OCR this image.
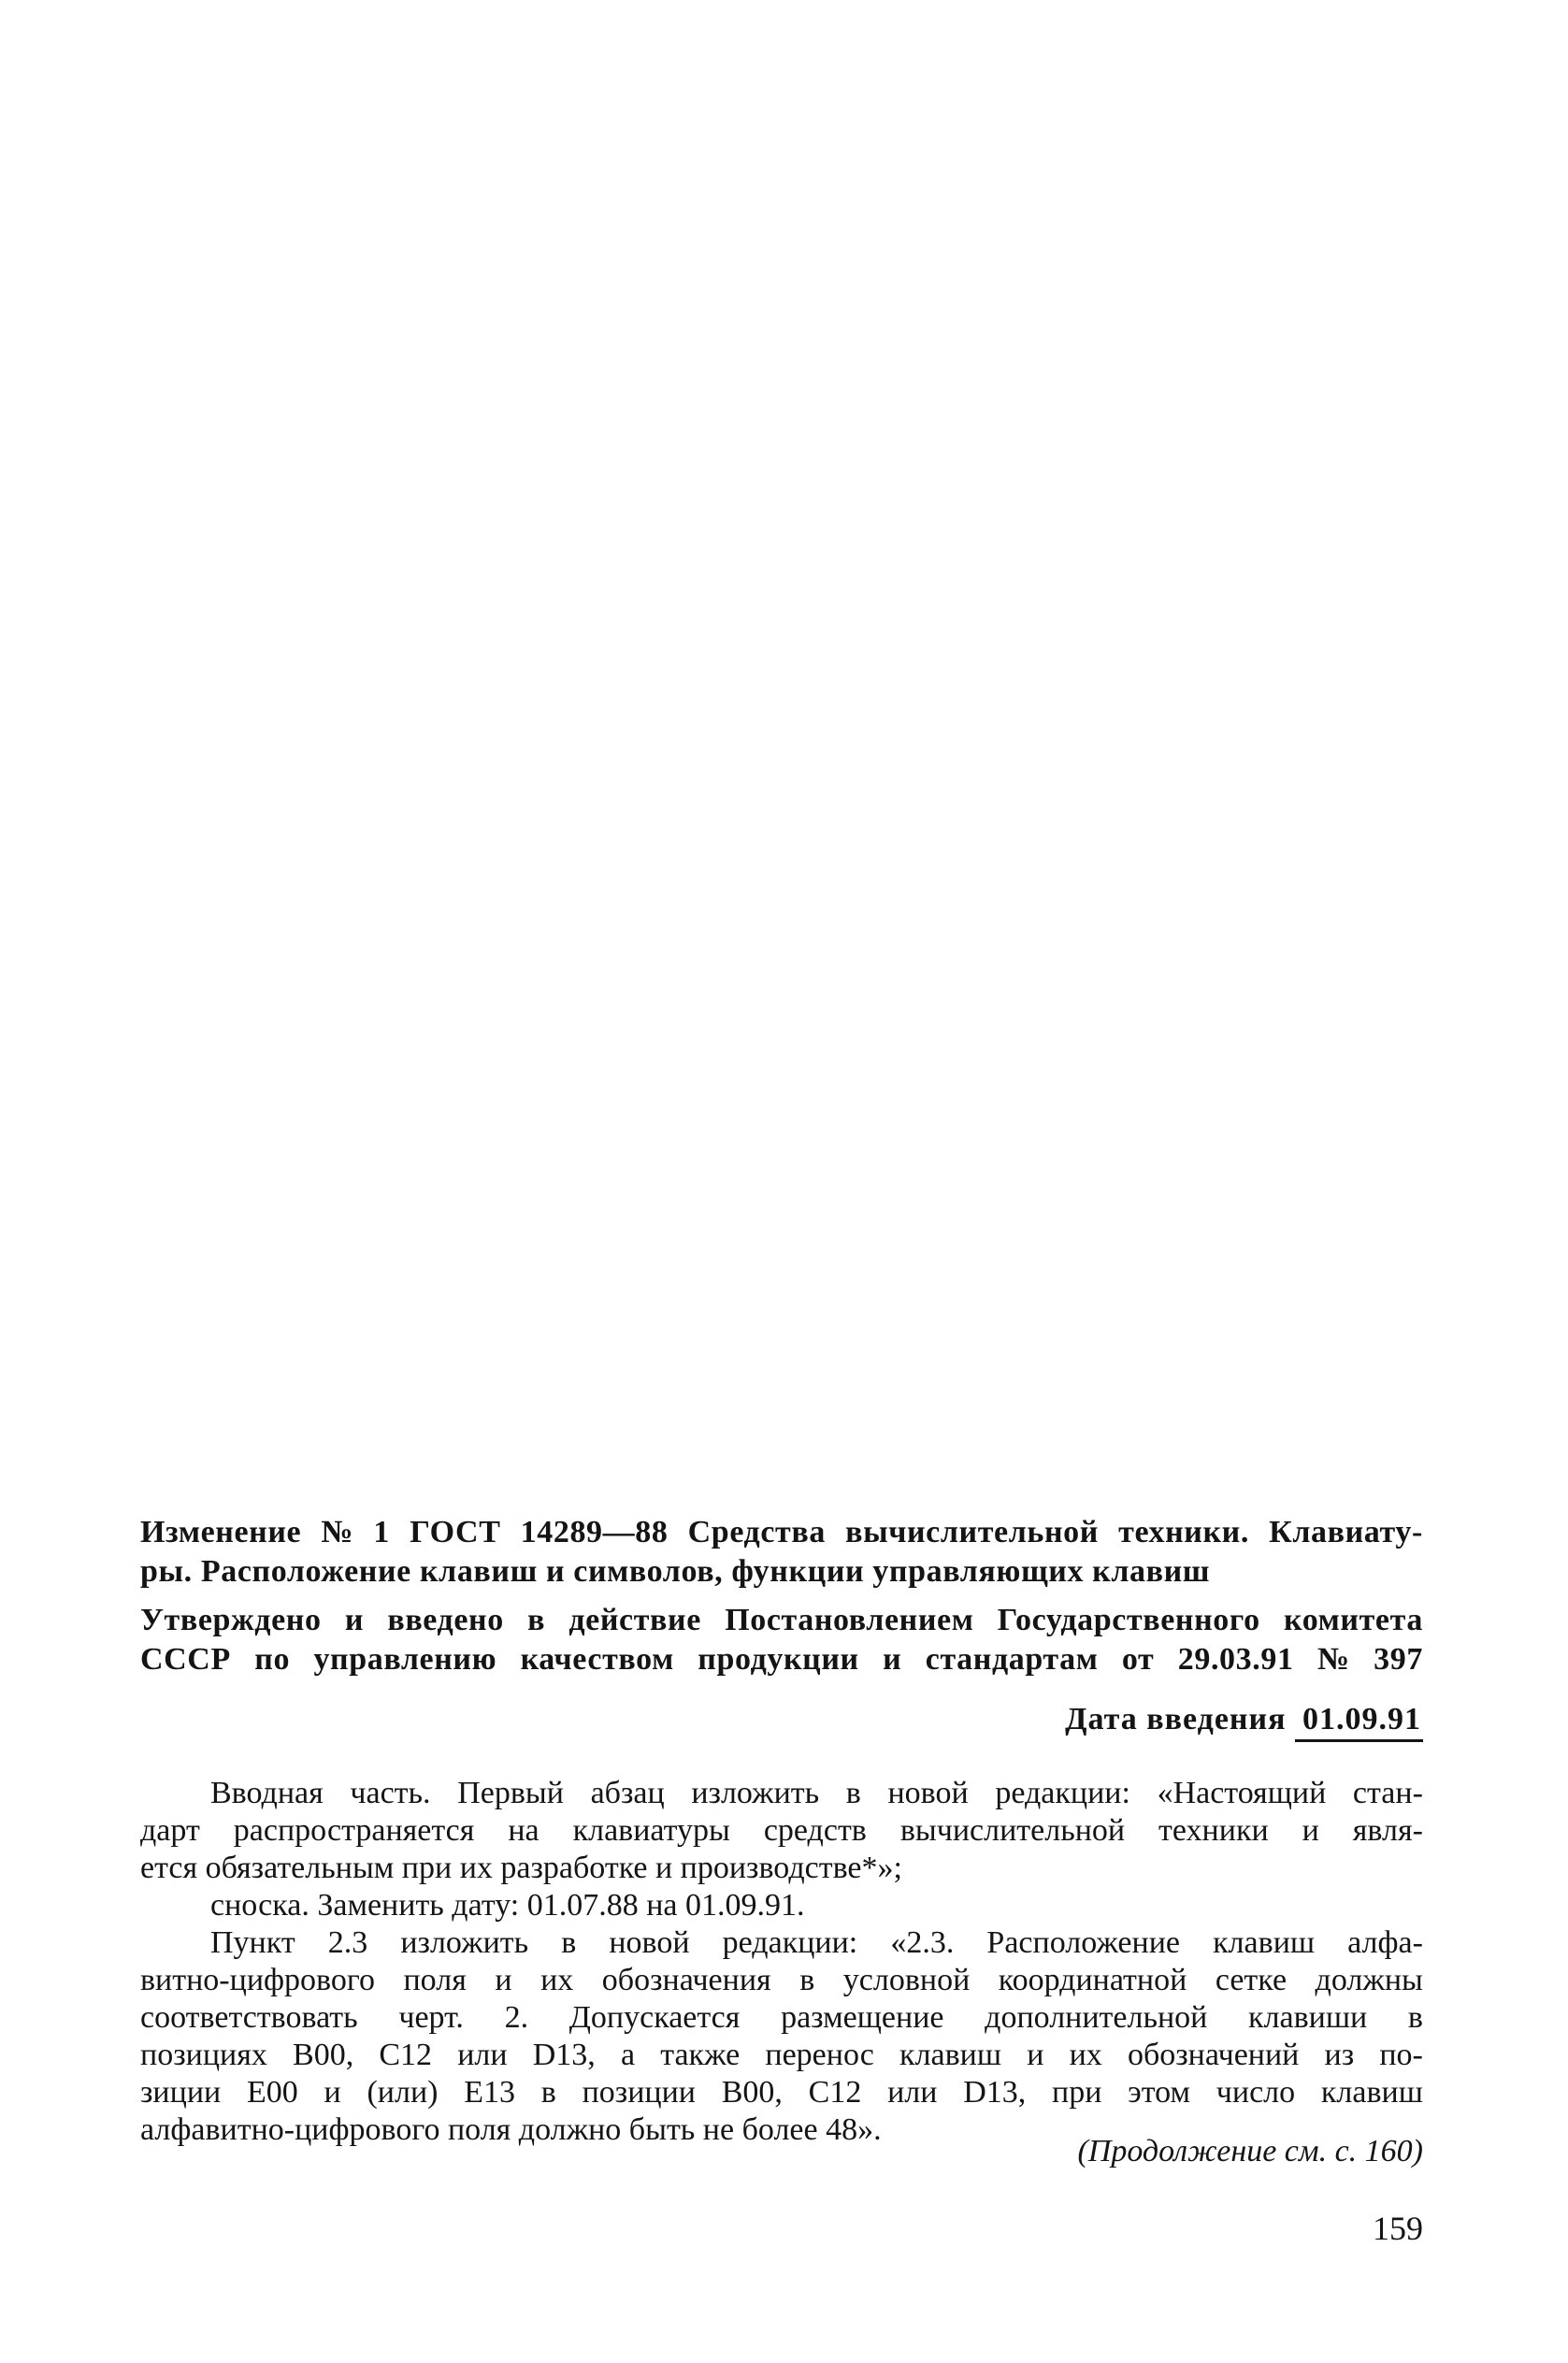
Изменение № 1 ГОСТ 14289—88 Средства вычислительной техники. Клавиату-
ры. Расположение клавиш и символов, функции управляющих клавиш
Утверждено и введено в действие Постановлением Государственного комитета
СССР по управлению качеством продукции и стандартам от 29.03.91 № 397
Дата введения 01.09.91
Вводная часть. Первый абзац изложить в новой редакции: «Настоящий стан-
дарт распространяется на клавиатуры средств вычислительной техники и явля-
ется обязательным при их разработке и производстве*»;
сноска. Заменить дату: 01.07.88 на 01.09.91.
Пункт 2.3 изложить в новой редакции: «2.3. Расположение клавиш алфа-
витно-цифрового поля и их обозначения в условной координатной сетке должны
соответствовать черт. 2. Допускается размещение дополнительной клавиши в
позициях В00, С12 или D13, а также перенос клавиш и их обозначений из по-
зиции Е00 и (или) Е13 в позиции В00, С12 или D13, при этом число клавиш
алфавитно-цифрового поля должно быть не более 48».
(Продолжение см. с. 160)
159
